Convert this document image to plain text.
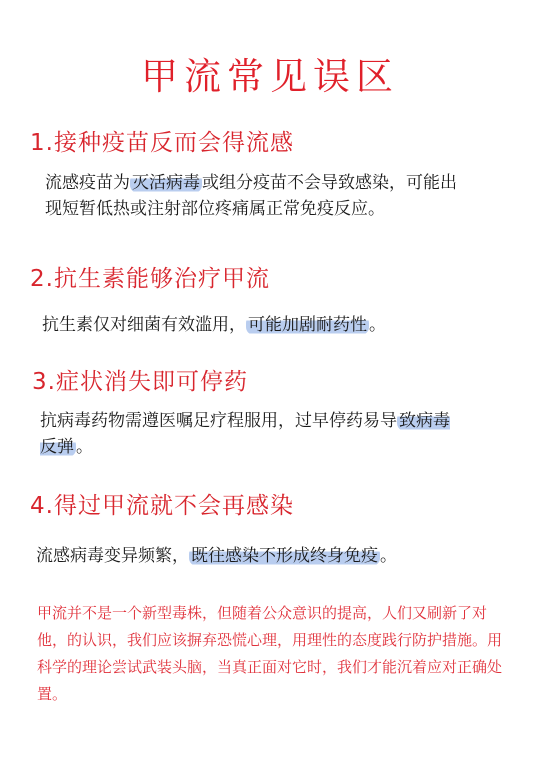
甲流常见误区
1.接种疫苗反而会得流感
流感疫苗为 灭活病毒 或组分疫苗不会导致感染，可能出现短暂低热或注射部位疼痛属正常免疫反应。
2.抗生素能够治疗甲流
抗生素仅对细菌有效滥用， 可能加剧耐药性 。
3.症状消失即可停药
抗病毒药物需遵医嘱足疗程服用，过早停药易导 致病毒反弹 。
4.得过甲流就不会再感染
流感病毒变异频繁， 既往感染不形成终身免疫 。
甲流并不是一个新型毒株，但随着公众意识的提高，人们又刷新了对他，的认识，我们应该摒弃恐慌心理，用理性的态度践行防护措施。用科学的理论尝试武装头脑，当真正面对它时，我们才能沉着应对正确处置。
